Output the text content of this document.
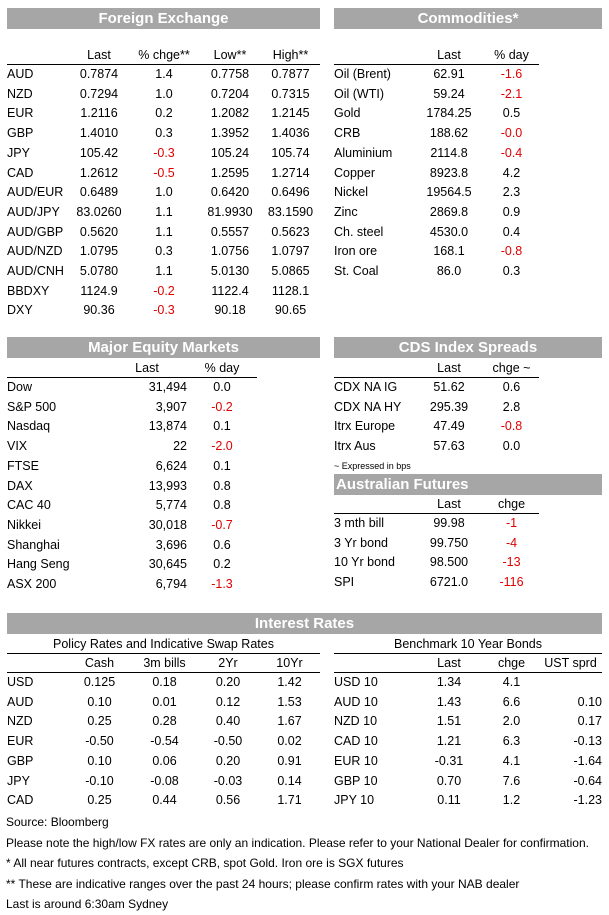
Foreign Exchange
	Last	% chge**	Low**	High**
AUD	0.7874	1.4	0.7758	0.7877
NZD	0.7294	1.0	0.7204	0.7315
EUR	1.2116	0.2	1.2082	1.2145
GBP	1.4010	0.3	1.3952	1.4036
JPY	105.42	-0.3	105.24	105.74
CAD	1.2612	-0.5	1.2595	1.2714
AUD/EUR	0.6489	1.0	0.6420	0.6496
AUD/JPY	83.0260	1.1	81.9930	83.1590
AUD/GBP	0.5620	1.1	0.5557	0.5623
AUD/NZD	1.0795	0.3	1.0756	1.0797
AUD/CNH	5.0780	1.1	5.0130	5.0865
BBDXY	1124.9	-0.2	1122.4	1128.1
DXY	90.36	-0.3	90.18	90.65
Commodities*
	Last	% day
Oil (Brent)	62.91	-1.6
Oil (WTI)	59.24	-2.1
Gold	1784.25	0.5
CRB	188.62	-0.0
Aluminium	2114.8	-0.4
Copper	8923.8	4.2
Nickel	19564.5	2.3
Zinc	2869.8	0.9
Ch. steel	4530.0	0.4
Iron ore	168.1	-0.8
St. Coal	86.0	0.3
Major Equity Markets
	Last	% day
Dow	31,494	0.0
S&P 500	3,907	-0.2
Nasdaq	13,874	0.1
VIX	22	-2.0
FTSE	6,624	0.1
DAX	13,993	0.8
CAC 40	5,774	0.8
Nikkei	30,018	-0.7
Shanghai	3,696	0.6
Hang Seng	30,645	0.2
ASX 200	6,794	-1.3
CDS Index Spreads
	Last	chge ~
CDX NA IG	51.62	0.6
CDX NA HY	295.39	2.8
Itrx Europe	47.49	-0.8
Itrx Aus	57.63	0.0
~ Expressed in bps
Australian Futures
	Last	chge
3 mth bill	99.98	-1
3 Yr bond	99.750	-4
10 Yr bond	98.500	-13
SPI	6721.0	-116
Interest Rates
Policy Rates and Indicative Swap Rates
	Cash	3m bills	2Yr	10Yr
USD	0.125	0.18	0.20	1.42
AUD	0.10	0.01	0.12	1.53
NZD	0.25	0.28	0.40	1.67
EUR	-0.50	-0.54	-0.50	0.02
GBP	0.10	0.06	0.20	0.91
JPY	-0.10	-0.08	-0.03	0.14
CAD	0.25	0.44	0.56	1.71
Benchmark 10 Year Bonds
	Last	chge	UST sprd
USD 10	1.34	4.1	
AUD 10	1.43	6.6	0.10
NZD 10	1.51	2.0	0.17
CAD 10	1.21	6.3	-0.13
EUR 10	-0.31	4.1	-1.64
GBP 10	0.70	7.6	-0.64
JPY 10	0.11	1.2	-1.23
Source: Bloomberg
Please note the high/low FX rates are only an indication. Please refer to your National Dealer for confirmation.
* All near futures contracts, except CRB, spot Gold. Iron ore is SGX futures
** These are indicative ranges over the past 24 hours; please confirm rates with your NAB dealer
Last is around 6:30am Sydney
